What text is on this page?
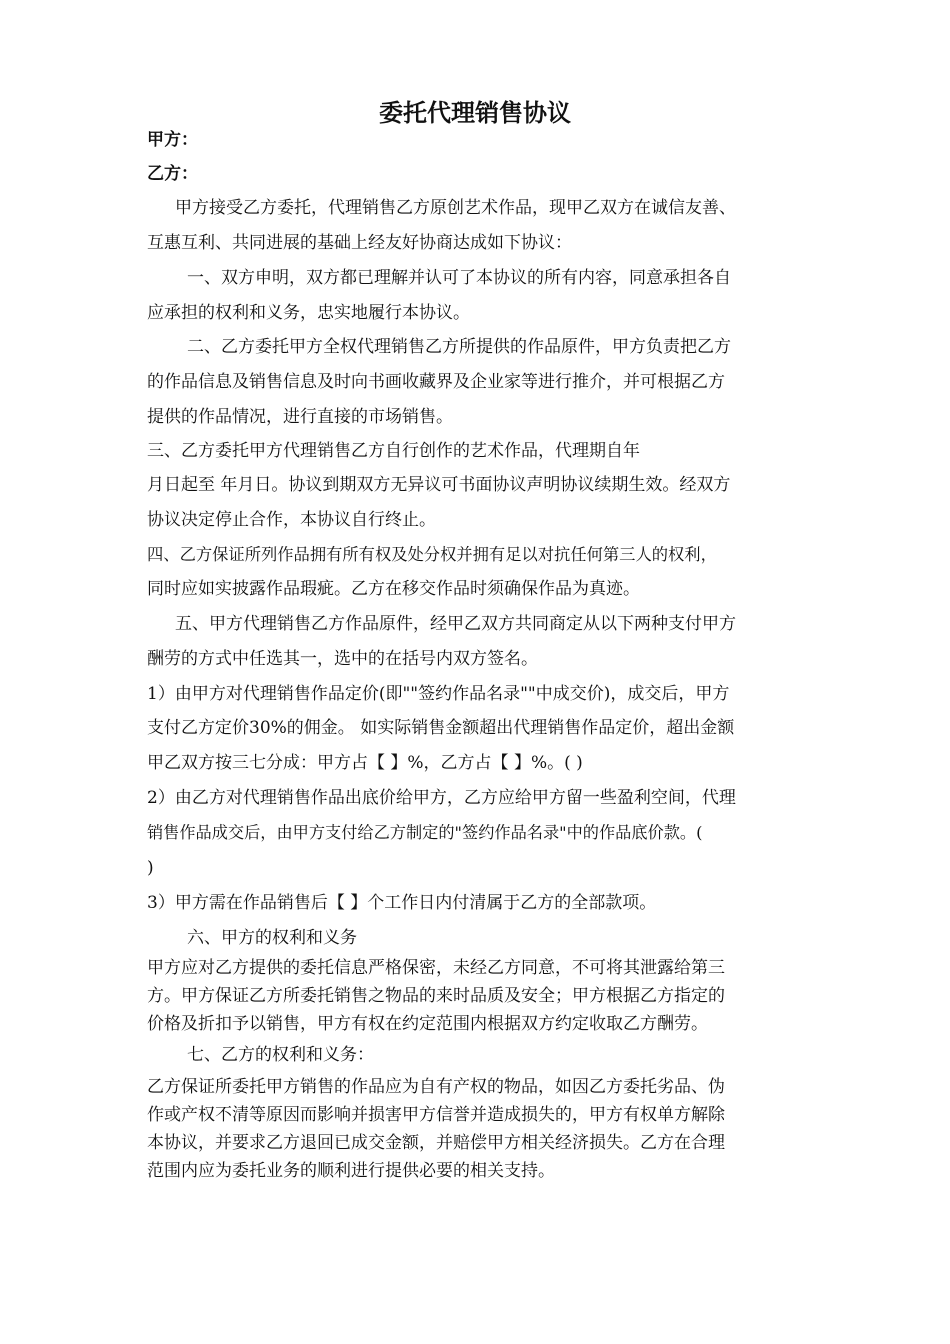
委托代理销售协议
甲方：
乙方：
甲方接受乙方委托，代理销售乙方原创艺术作品，现甲乙双方在诚信友善、
互惠互利、共同进展的基础上经友好协商达成如下协议：
一、双方申明，双方都已理解并认可了本协议的所有内容，同意承担各自
应承担的权利和义务，忠实地履行本协议。
二、乙方委托甲方全权代理销售乙方所提供的作品原件，甲方负责把乙方
的作品信息及销售信息及时向书画收藏界及企业家等进行推介，并可根据乙方
提供的作品情况，进行直接的市场销售。
三、乙方委托甲方代理销售乙方自行创作的艺术作品，代理期自年
月日起至 年月日。协议到期双方无异议可书面协议声明协议续期生效。经双方
协议决定停止合作，本协议自行终止。
四、乙方保证所列作品拥有所有权及处分权并拥有足以对抗任何第三人的权利，
同时应如实披露作品瑕疵。乙方在移交作品时须确保作品为真迹。
五、甲方代理销售乙方作品原件，经甲乙双方共同商定从以下两种支付甲方
酬劳的方式中任选其一，选中的在括号内双方签名。
1）由甲方对代理销售作品定价(即""签约作品名录""中成交价)，成交后，甲方
支付乙方定价30%的佣金。 如实际销售金额超出代理销售作品定价，超出金额
甲乙双方按三七分成：甲方占【 】%，乙方占【 】%。( )
2）由乙方对代理销售作品出底价给甲方，乙方应给甲方留一些盈利空间，代理
销售作品成交后，由甲方支付给乙方制定的"签约作品名录"中的作品底价款。(
)
3）甲方需在作品销售后【 】个工作日内付清属于乙方的全部款项。
六、甲方的权利和义务
甲方应对乙方提供的委托信息严格保密，未经乙方同意，不可将其泄露给第三
方。甲方保证乙方所委托销售之物品的来时品质及安全；甲方根据乙方指定的
价格及折扣予以销售，甲方有权在约定范围内根据双方约定收取乙方酬劳。
七、乙方的权利和义务：
乙方保证所委托甲方销售的作品应为自有产权的物品，如因乙方委托劣品、伪
作或产权不清等原因而影响并损害甲方信誉并造成损失的，甲方有权单方解除
本协议，并要求乙方退回已成交金额，并赔偿甲方相关经济损失。乙方在合理
范围内应为委托业务的顺利进行提供必要的相关支持。
